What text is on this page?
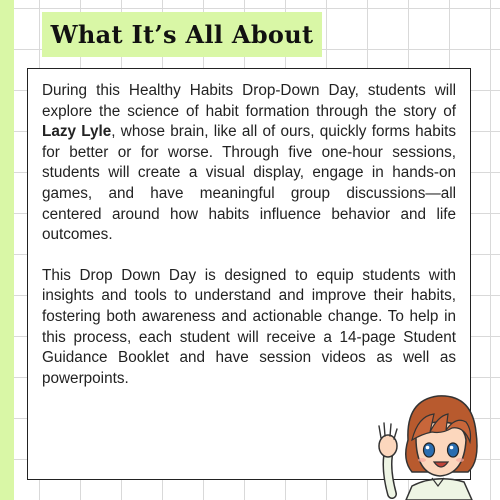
What It’s All About

During this Healthy Habits Drop-Down Day, students will explore the science of habit formation through the story of Lazy Lyle, whose brain, like all of ours, quickly forms habits for better or for worse. Through five one-hour sessions, students will create a visual display, engage in hands-on games, and have meaningful group discussions—all centered around how habits influence behavior and life outcomes.

This Drop Down Day is designed to equip students with insights and tools to understand and improve their habits, fostering both awareness and actionable change. To help in this process, each student will receive a 14-page Student Guidance Booklet and have session videos as well as powerpoints.
